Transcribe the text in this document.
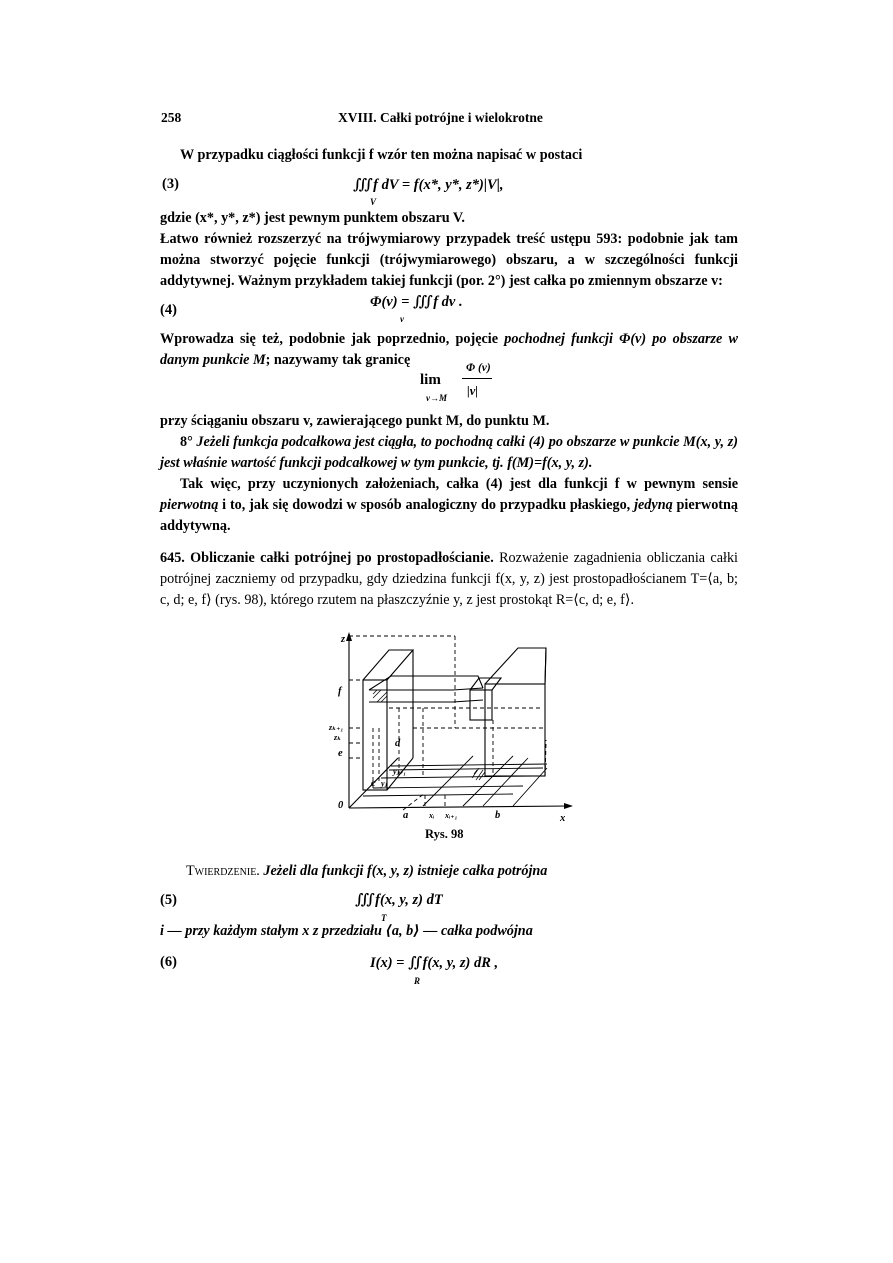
258	XVIII. Całki potrójne i wielokrotne
W przypadku ciągłości funkcji f wzór ten można napisać w postaci
(3)	∭f dV = f(x*, y*, z*)|V|,
V
gdzie (x*, y*, z*) jest pewnym punktem obszaru V.
Łatwo również rozszerzyć na trójwymiarowy przypadek treść ustępu 593: podobnie jak tam można stworzyć pojęcie funkcji (trójwymiarowego) obszaru, a w szczególności funkcji addytywnej. Ważnym przykładem takiej funkcji (por. 2°) jest całka po zmiennym obszarze v:
(4)	Φ(v) = ∭f dv .
v
Wprowadza się też, podobnie jak poprzednio, pojęcie pochodnej funkcji Φ(v) po obszarze w danym punkcie M; nazywamy tak granicę
lim
v→M
Φ (v)
|v|
przy ściąganiu obszaru v, zawierającego punkt M, do punktu M.
8° Jeżeli funkcja podcałkowa jest ciągła, to pochodną całki (4) po obszarze w punkcie M(x, y, z) jest właśnie wartość funkcji podcałkowej w tym punkcie, tj. f(M)=f(x, y, z).
Tak więc, przy uczynionych założeniach, całka (4) jest dla funkcji f w pewnym sensie pierwotną i to, jak się dowodzi w sposób analogiczny do przypadku płaskiego, jedyną pierwotną addytywną.
645. Obliczanie całki potrójnej po prostopadłościanie. Rozważenie zagadnienia obliczania całki potrójnej zaczniemy od przypadku, gdy dziedzina funkcji f(x, y, z) jest prostopadłościanem T=⟨a, b; c, d; e, f⟩ (rys. 98), którego rzutem na płaszczyźnie y, z jest prostokąt R=⟨c, d; e, f⟩.
z
f
zₖ₊₁
zₖ
e
c yⱼ
yⱼ₊₁
d
0
a	xᵢ xᵢ₊₁	b	x
Rys. 98
Twierdzenie. Jeżeli dla funkcji f(x, y, z) istnieje całka potrójna
(5)	∭f(x, y, z) dT
T
i — przy każdym stałym x z przedziału ⟨a, b⟩ — całka podwójna
(6)	I(x) = ∬f(x, y, z) dR ,
R
